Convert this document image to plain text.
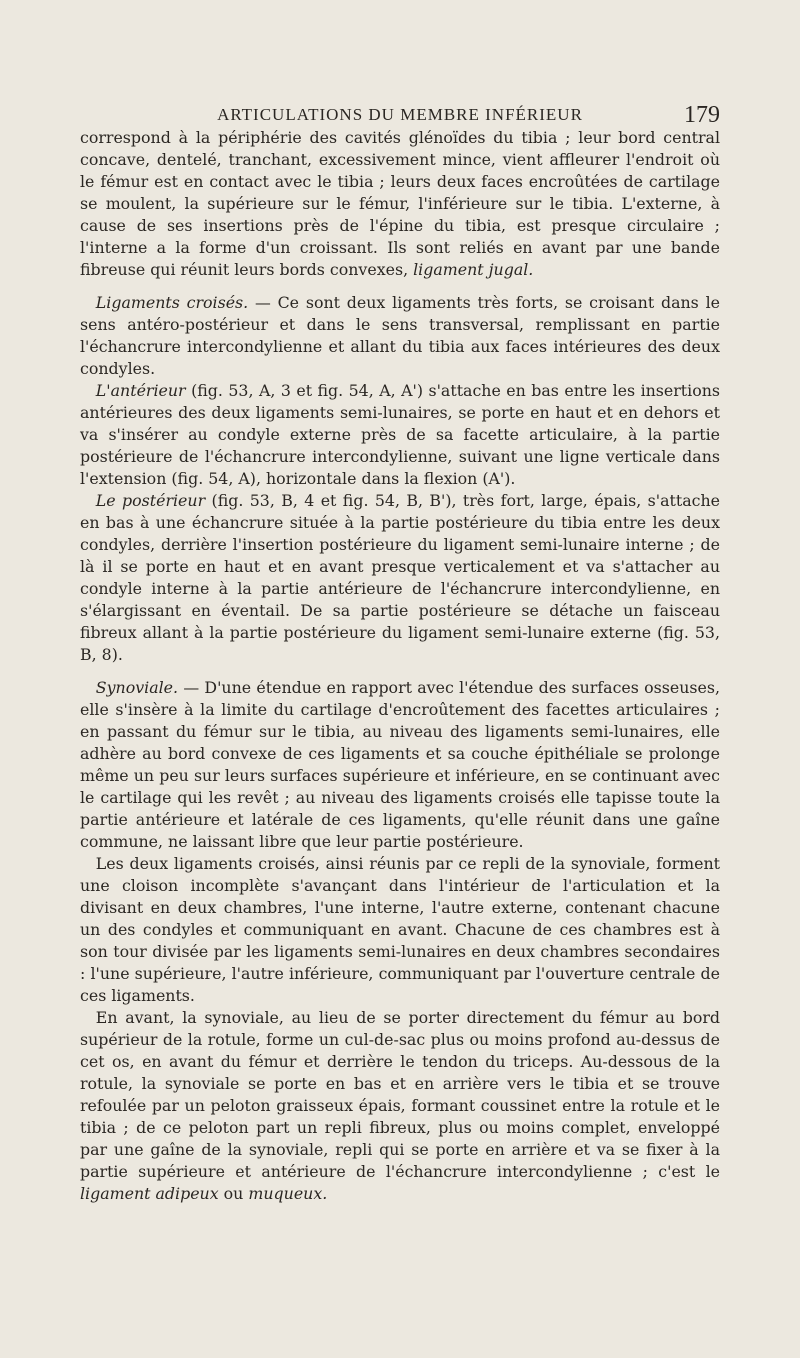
ARTICULATIONS DU MEMBRE INFÉRIEUR	179

correspond à la périphérie des cavités glénoïdes du tibia ; leur bord central concave, dentelé, tranchant, excessivement mince, vient affleurer l'endroit où le fémur est en contact avec le tibia ; leurs deux faces encroûtées de cartilage se moulent, la supérieure sur le fémur, l'inférieure sur le tibia. L'externe, à cause de ses insertions près de l'épine du tibia, est presque circulaire ; l'interne a la forme d'un croissant. Ils sont reliés en avant par une bande fibreuse qui réunit leurs bords convexes, ligament jugal.

 Ligaments croisés. — Ce sont deux ligaments très forts, se croisant dans le sens antéro-postérieur et dans le sens transversal, remplissant en partie l'échancrure intercondylienne et allant du tibia aux faces intérieures des deux condyles.

 L'antérieur (fig. 53, A, 3 et fig. 54, A, A') s'attache en bas entre les insertions antérieures des deux ligaments semi-lunaires, se porte en haut et en dehors et va s'insérer au condyle externe près de sa facette articulaire, à la partie postérieure de l'échancrure intercondylienne, suivant une ligne verticale dans l'extension (fig. 54, A), horizontale dans la flexion (A').

 Le postérieur (fig. 53, B, 4 et fig. 54, B, B'), très fort, large, épais, s'attache en bas à une échancrure située à la partie postérieure du tibia entre les deux condyles, derrière l'insertion postérieure du ligament semi-lunaire interne ; de là il se porte en haut et en avant presque verticalement et va s'attacher au condyle interne à la partie antérieure de l'échancrure intercondylienne, en s'élargissant en éventail. De sa partie postérieure se détache un faisceau fibreux allant à la partie postérieure du ligament semi-lunaire externe (fig. 53, B, 8).

 Synoviale. — D'une étendue en rapport avec l'étendue des surfaces osseuses, elle s'insère à la limite du cartilage d'encroûtement des facettes articulaires ; en passant du fémur sur le tibia, au niveau des ligaments semi-lunaires, elle adhère au bord convexe de ces ligaments et sa couche épithéliale se prolonge même un peu sur leurs surfaces supérieure et inférieure, en se continuant avec le cartilage qui les revêt ; au niveau des ligaments croisés elle tapisse toute la partie antérieure et latérale de ces ligaments, qu'elle réunit dans une gaîne commune, ne laissant libre que leur partie postérieure.

 Les deux ligaments croisés, ainsi réunis par ce repli de la synoviale, forment une cloison incomplète s'avançant dans l'intérieur de l'articulation et la divisant en deux chambres, l'une interne, l'autre externe, contenant chacune un des condyles et communiquant en avant. Chacune de ces chambres est à son tour divisée par les ligaments semi-lunaires en deux chambres secondaires : l'une supérieure, l'autre inférieure, communiquant par l'ouverture centrale de ces ligaments.

 En avant, la synoviale, au lieu de se porter directement du fémur au bord supérieur de la rotule, forme un cul-de-sac plus ou moins profond au-dessus de cet os, en avant du fémur et derrière le tendon du triceps. Au-dessous de la rotule, la synoviale se porte en bas et en arrière vers le tibia et se trouve refoulée par un peloton graisseux épais, formant coussinet entre la rotule et le tibia ; de ce peloton part un repli fibreux, plus ou moins complet, enveloppé par une gaîne de la synoviale, repli qui se porte en arrière et va se fixer à la partie supérieure et antérieure de l'échancrure intercondylienne ; c'est le ligament adipeux ou muqueux.
